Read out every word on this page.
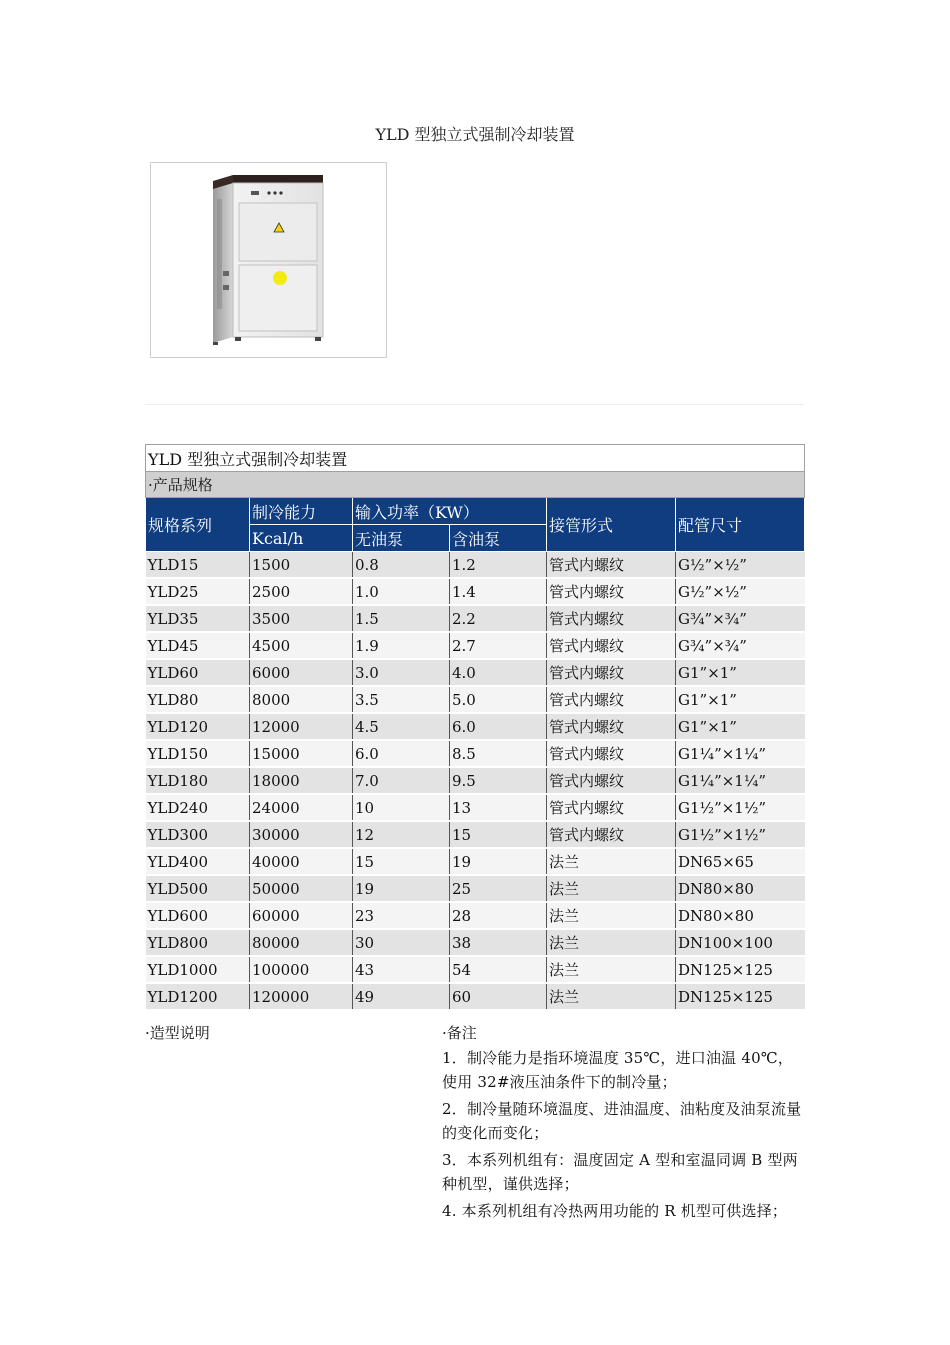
YLD 型独立式强制冷却装置
YLD 型独立式强制冷却装置					
·产品规格					
规格系列	制冷能力	输入功率（KW）		接管形式	配管尺寸
	Kcal/h	无油泵	含油泵		
YLD15	1500	0.8	1.2	管式内螺纹	G½”×½”
YLD25	2500	1.0	1.4	管式内螺纹	G½”×½”
YLD35	3500	1.5	2.2	管式内螺纹	G¾”×¾”
YLD45	4500	1.9	2.7	管式内螺纹	G¾”×¾”
YLD60	6000	3.0	4.0	管式内螺纹	G1”×1”
YLD80	8000	3.5	5.0	管式内螺纹	G1”×1”
YLD120	12000	4.5	6.0	管式内螺纹	G1”×1”
YLD150	15000	6.0	8.5	管式内螺纹	G1¼”×1¼”
YLD180	18000	7.0	9.5	管式内螺纹	G1¼”×1¼”
YLD240	24000	10	13	管式内螺纹	G1½”×1½”
YLD300	30000	12	15	管式内螺纹	G1½”×1½”
YLD400	40000	15	19	法兰	DN65×65
YLD500	50000	19	25	法兰	DN80×80
YLD600	60000	23	28	法兰	DN80×80
YLD800	80000	30	38	法兰	DN100×100
YLD1000	100000	43	54	法兰	DN125×125
YLD1200	120000	49	60	法兰	DN125×125
·造型说明	·备注

1．制冷能力是指环境温度 35℃，进口油温 40℃，使用 32#液压油条件下的制冷量；

2．制冷量随环境温度、进油温度、油粘度及油泵流量的变化而变化；

3．本系列机组有：温度固定 A 型和室温同调 B 型两种机型，谨供选择；

4. 本系列机组有冷热两用功能的 R 机型可供选择；
